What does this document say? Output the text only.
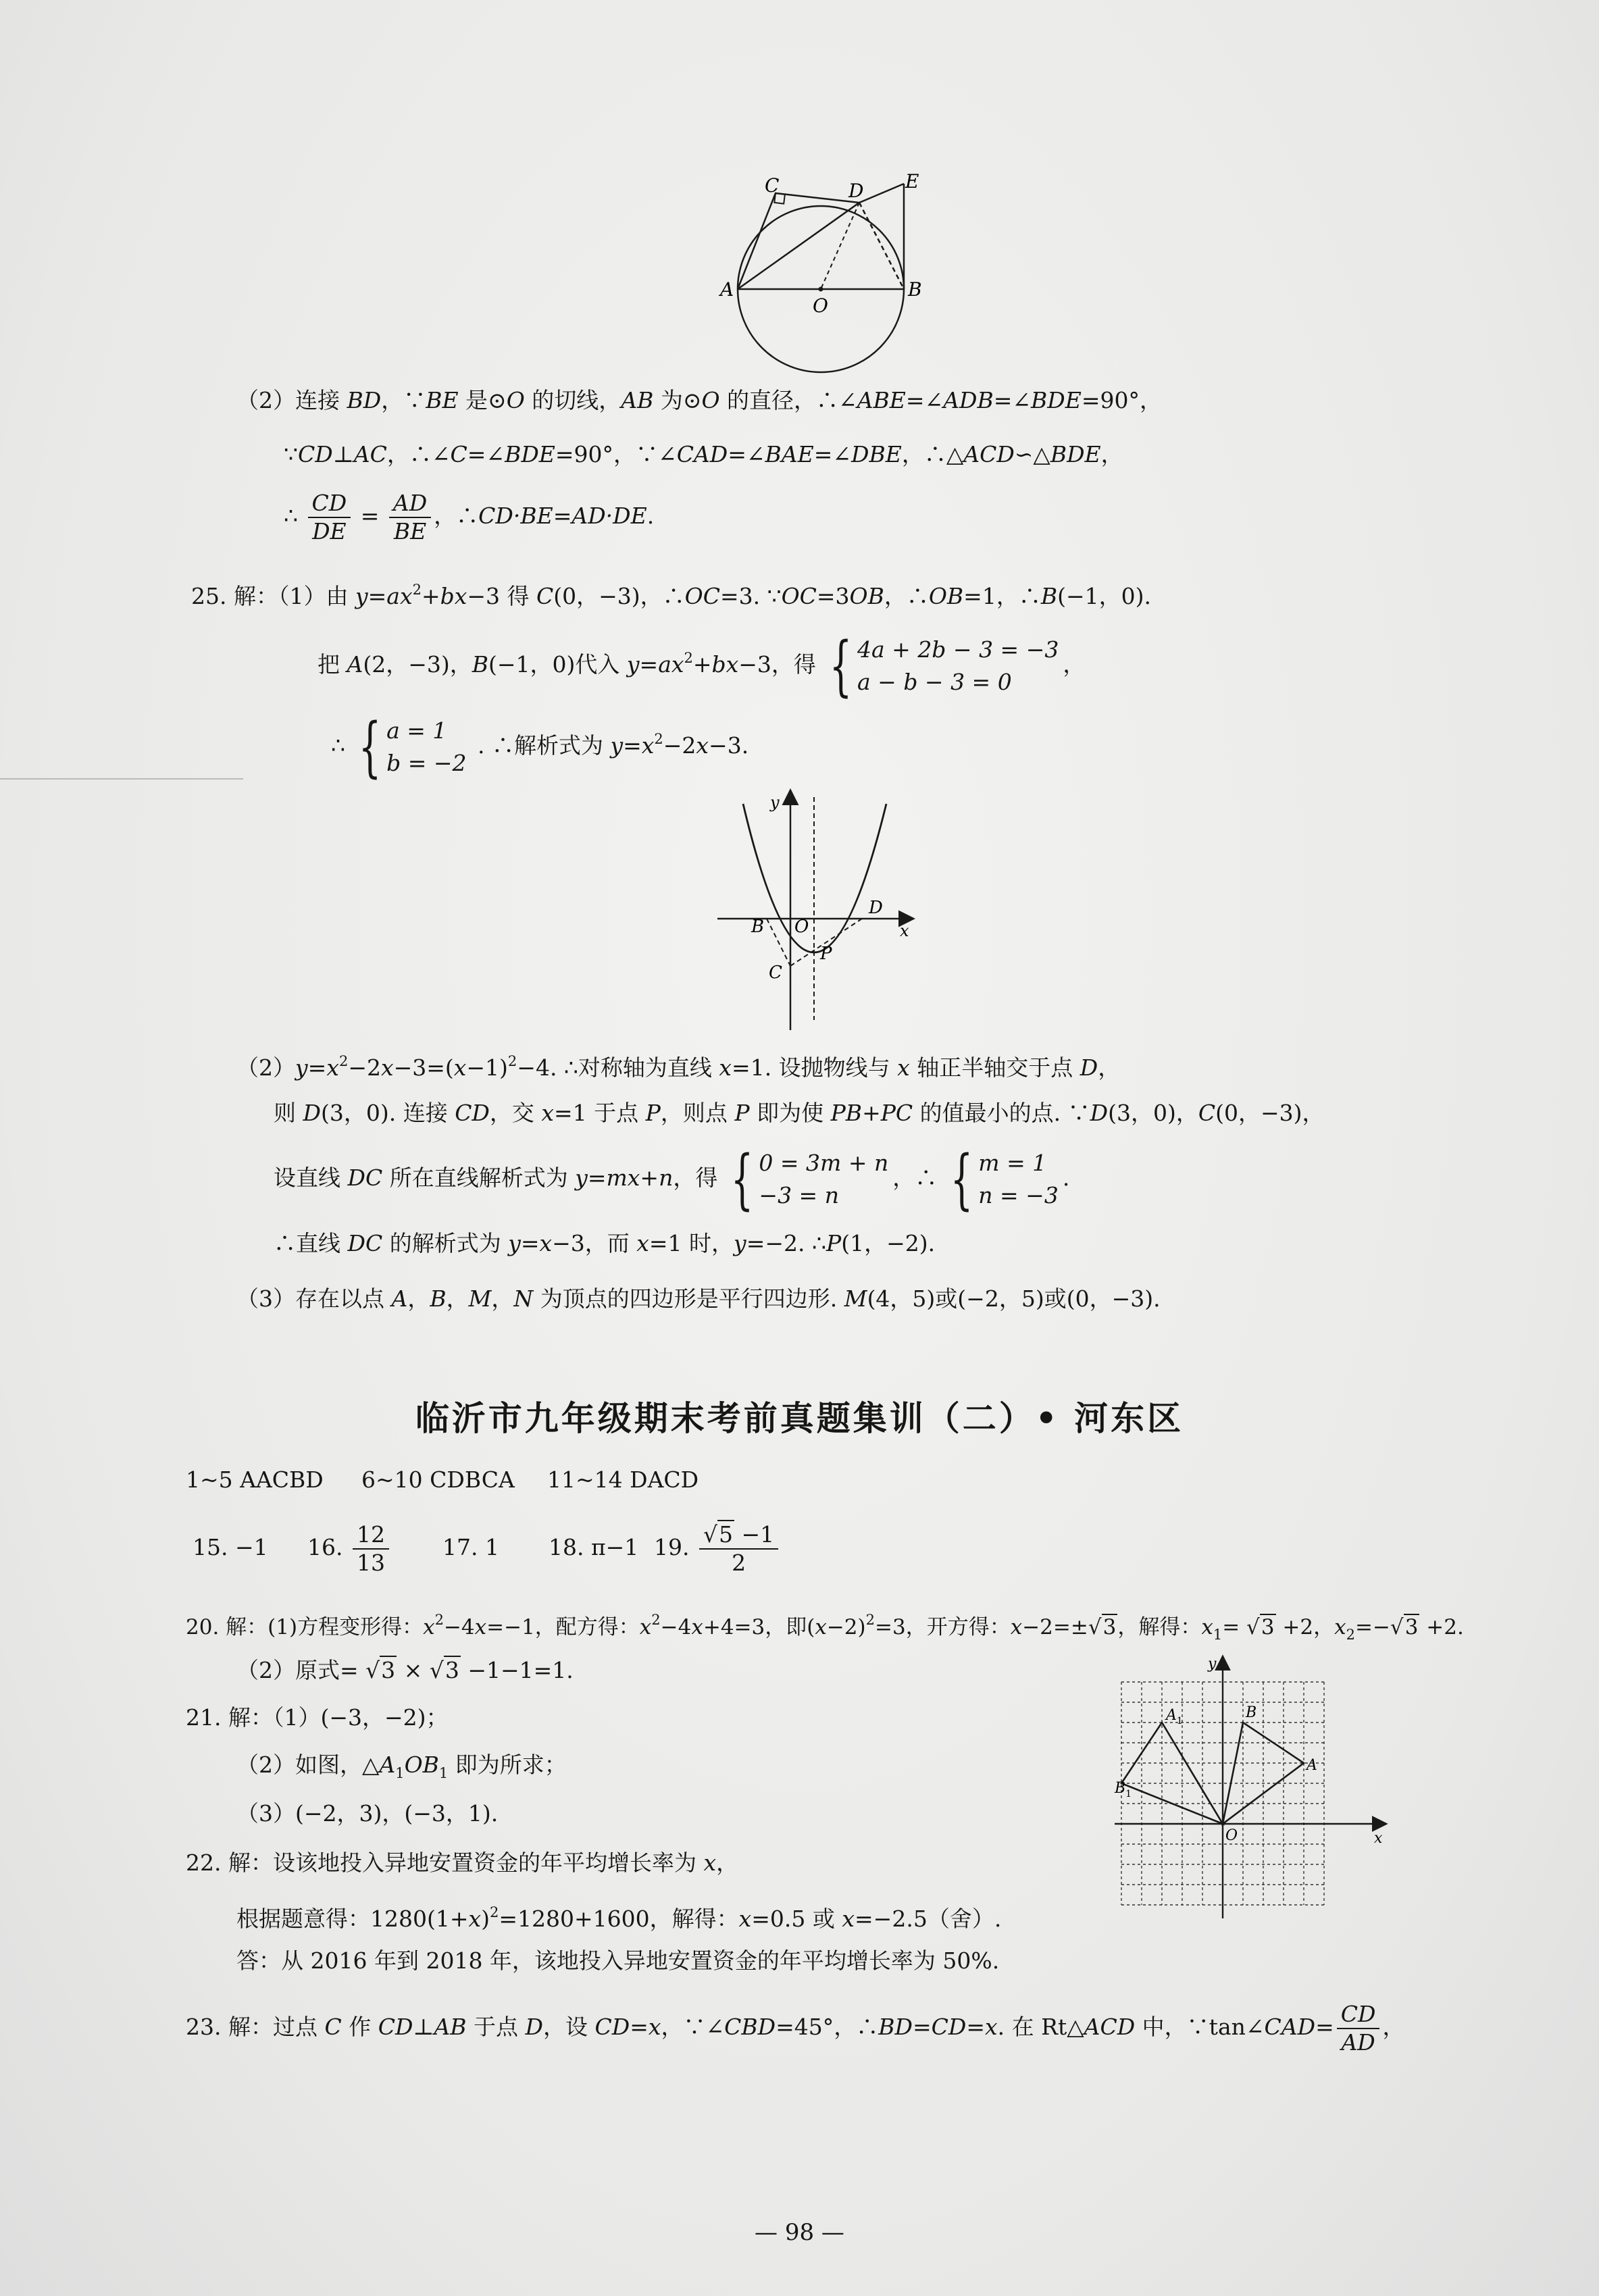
C	D E
A
O
B
（2）连接 BD，∵BE 是⊙O 的切线，AB 为⊙O 的直径，∴∠ABE=∠ADB=∠BDE=90°，
∵CD⊥AC，∴∠C=∠BDE=90°，∵∠CAD=∠BAE=∠DBE，∴△ACD∽△BDE，
∴ $\frac{CD}{DE} = \frac{AD}{BE}$ ，∴CD·BE=AD·DE.
25. 解：（1）由 $y=ax^2+bx-3$ 得 C(0，−3)，∴OC=3. ∵OC=3OB，∴OB=1，∴B(−1，0).
把 A(2，−3)，B(−1，0)代入 $y=ax^2+bx-3$，得 { 4a + 2b − 3 = −3
a − b − 3 = 0
，
∴ { a = 1
b = −2
. ∴解析式为 $y=x^2-2x-3$.
y
x
B O
D
C
P
$(2)y=x^2-2x-3=(x-1)^2-4$. ∴对称轴为直线 x=1. 设抛物线与 x 轴正半轴交于点 D，
则 D(3，0). 连接 CD，交 x=1 于点 P，则点 P 即为使 PB+PC 的值最小的点. ∵D(3，0)，C(0，−3)，
设直线 DC 所在直线解析式为 y=mx+n，得 { 0 = 3m + n
−3 = n
，∴ { m = 1
n = −3
.
∴直线 DC 的解析式为 y=x−3，而 x=1 时，y=−2. ∴P(1，−2).
（3）存在以点 A，B，M，N 为顶点的四边形是平行四边形. M(4，5)或(−2，5)或(0，−3).
临沂市九年级期末考前真题集训（二）• 河东区
1~5 AACBD 6~10 CDBCA 11~14 DACD
15. −1 16. $\frac{12}{13} 17$. 1 18. π−1 19. $\frac{√5 -1}{2}$
20. 解：(1)方程变形得：$x^2-4x=-1$，配方得：$x^2-4x+4=3$，即$(x-2)^2=3$，开方得：x−2=±√3，解得：$x_1= √3 +2$，$x_2=-√3 +2$.
（2）原式= √3 × √3 −1−1=1.
21. 解：（1）(−3，−2)；
（2）如图，$\triangle A_1OB_1$ 即为所求；
（3）(−2，3)，(−3，1).
y
x
$A_1$	B
A
$B_1$
O
22. 解：设该地投入异地安置资金的年平均增长率为 x，
根据题意得：$1280(1+x)^2=1280+1600$，解得：x=0.5 或 x=−2.5（舍）.
答：从 2016 年到 2018 年，该地投入异地安置资金的年平均增长率为 50%.
23. 解：过点 C 作 CD⊥AB 于点 D，设 CD=x，∵∠CBD=45°，∴BD=CD=x. 在 Rt△ACD 中，∵tan∠CAD= $\frac{CD}{AD}$ ，
— 98 —
